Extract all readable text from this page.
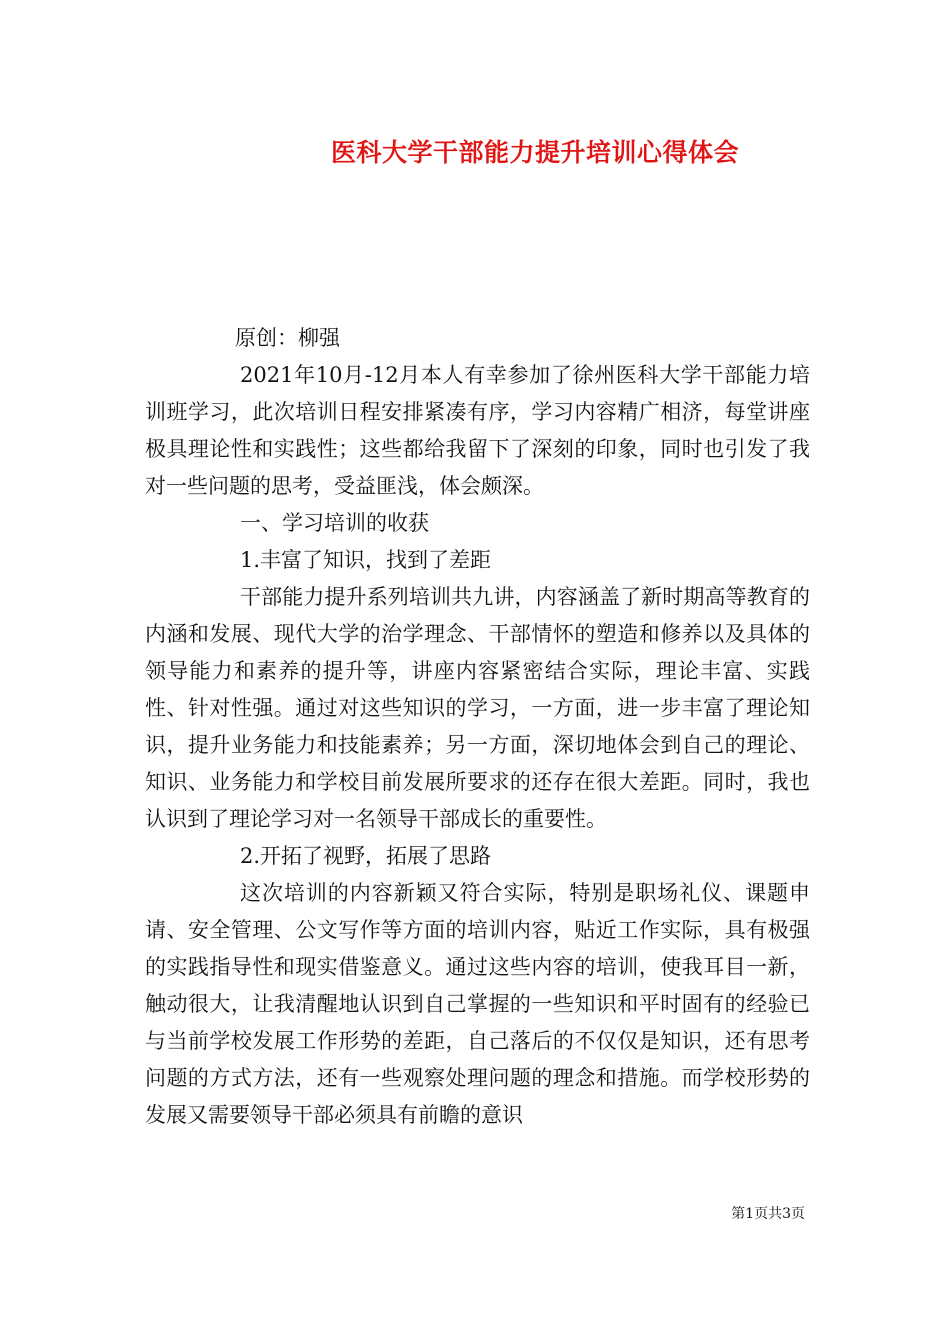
医科大学干部能力提升培训心得体会

原创：柳强

2021年10月-12月本人有幸参加了徐州医科大学干部能力培训班学习，此次培训日程安排紧凑有序，学习内容精广相济，每堂讲座极具理论性和实践性；这些都给我留下了深刻的印象，同时也引发了我对一些问题的思考，受益匪浅，体会颇深。

一、学习培训的收获

1.丰富了知识，找到了差距

干部能力提升系列培训共九讲，内容涵盖了新时期高等教育的内涵和发展、现代大学的治学理念、干部情怀的塑造和修养以及具体的领导能力和素养的提升等，讲座内容紧密结合实际，理论丰富、实践性、针对性强。通过对这些知识的学习，一方面，进一步丰富了理论知识，提升业务能力和技能素养；另一方面，深切地体会到自己的理论、知识、业务能力和学校目前发展所要求的还存在很大差距。同时，我也认识到了理论学习对一名领导干部成长的重要性。

2.开拓了视野，拓展了思路

这次培训的内容新颖又符合实际，特别是职场礼仪、课题申请、安全管理、公文写作等方面的培训内容，贴近工作实际，具有极强的实践指导性和现实借鉴意义。通过这些内容的培训，使我耳目一新，触动很大，让我清醒地认识到自己掌握的一些知识和平时固有的经验已与当前学校发展工作形势的差距，自己落后的不仅仅是知识，还有思考问题的方式方法，还有一些观察处理问题的理念和措施。而学校形势的发展又需要领导干部必须具有前瞻的意识

第1页共3页
